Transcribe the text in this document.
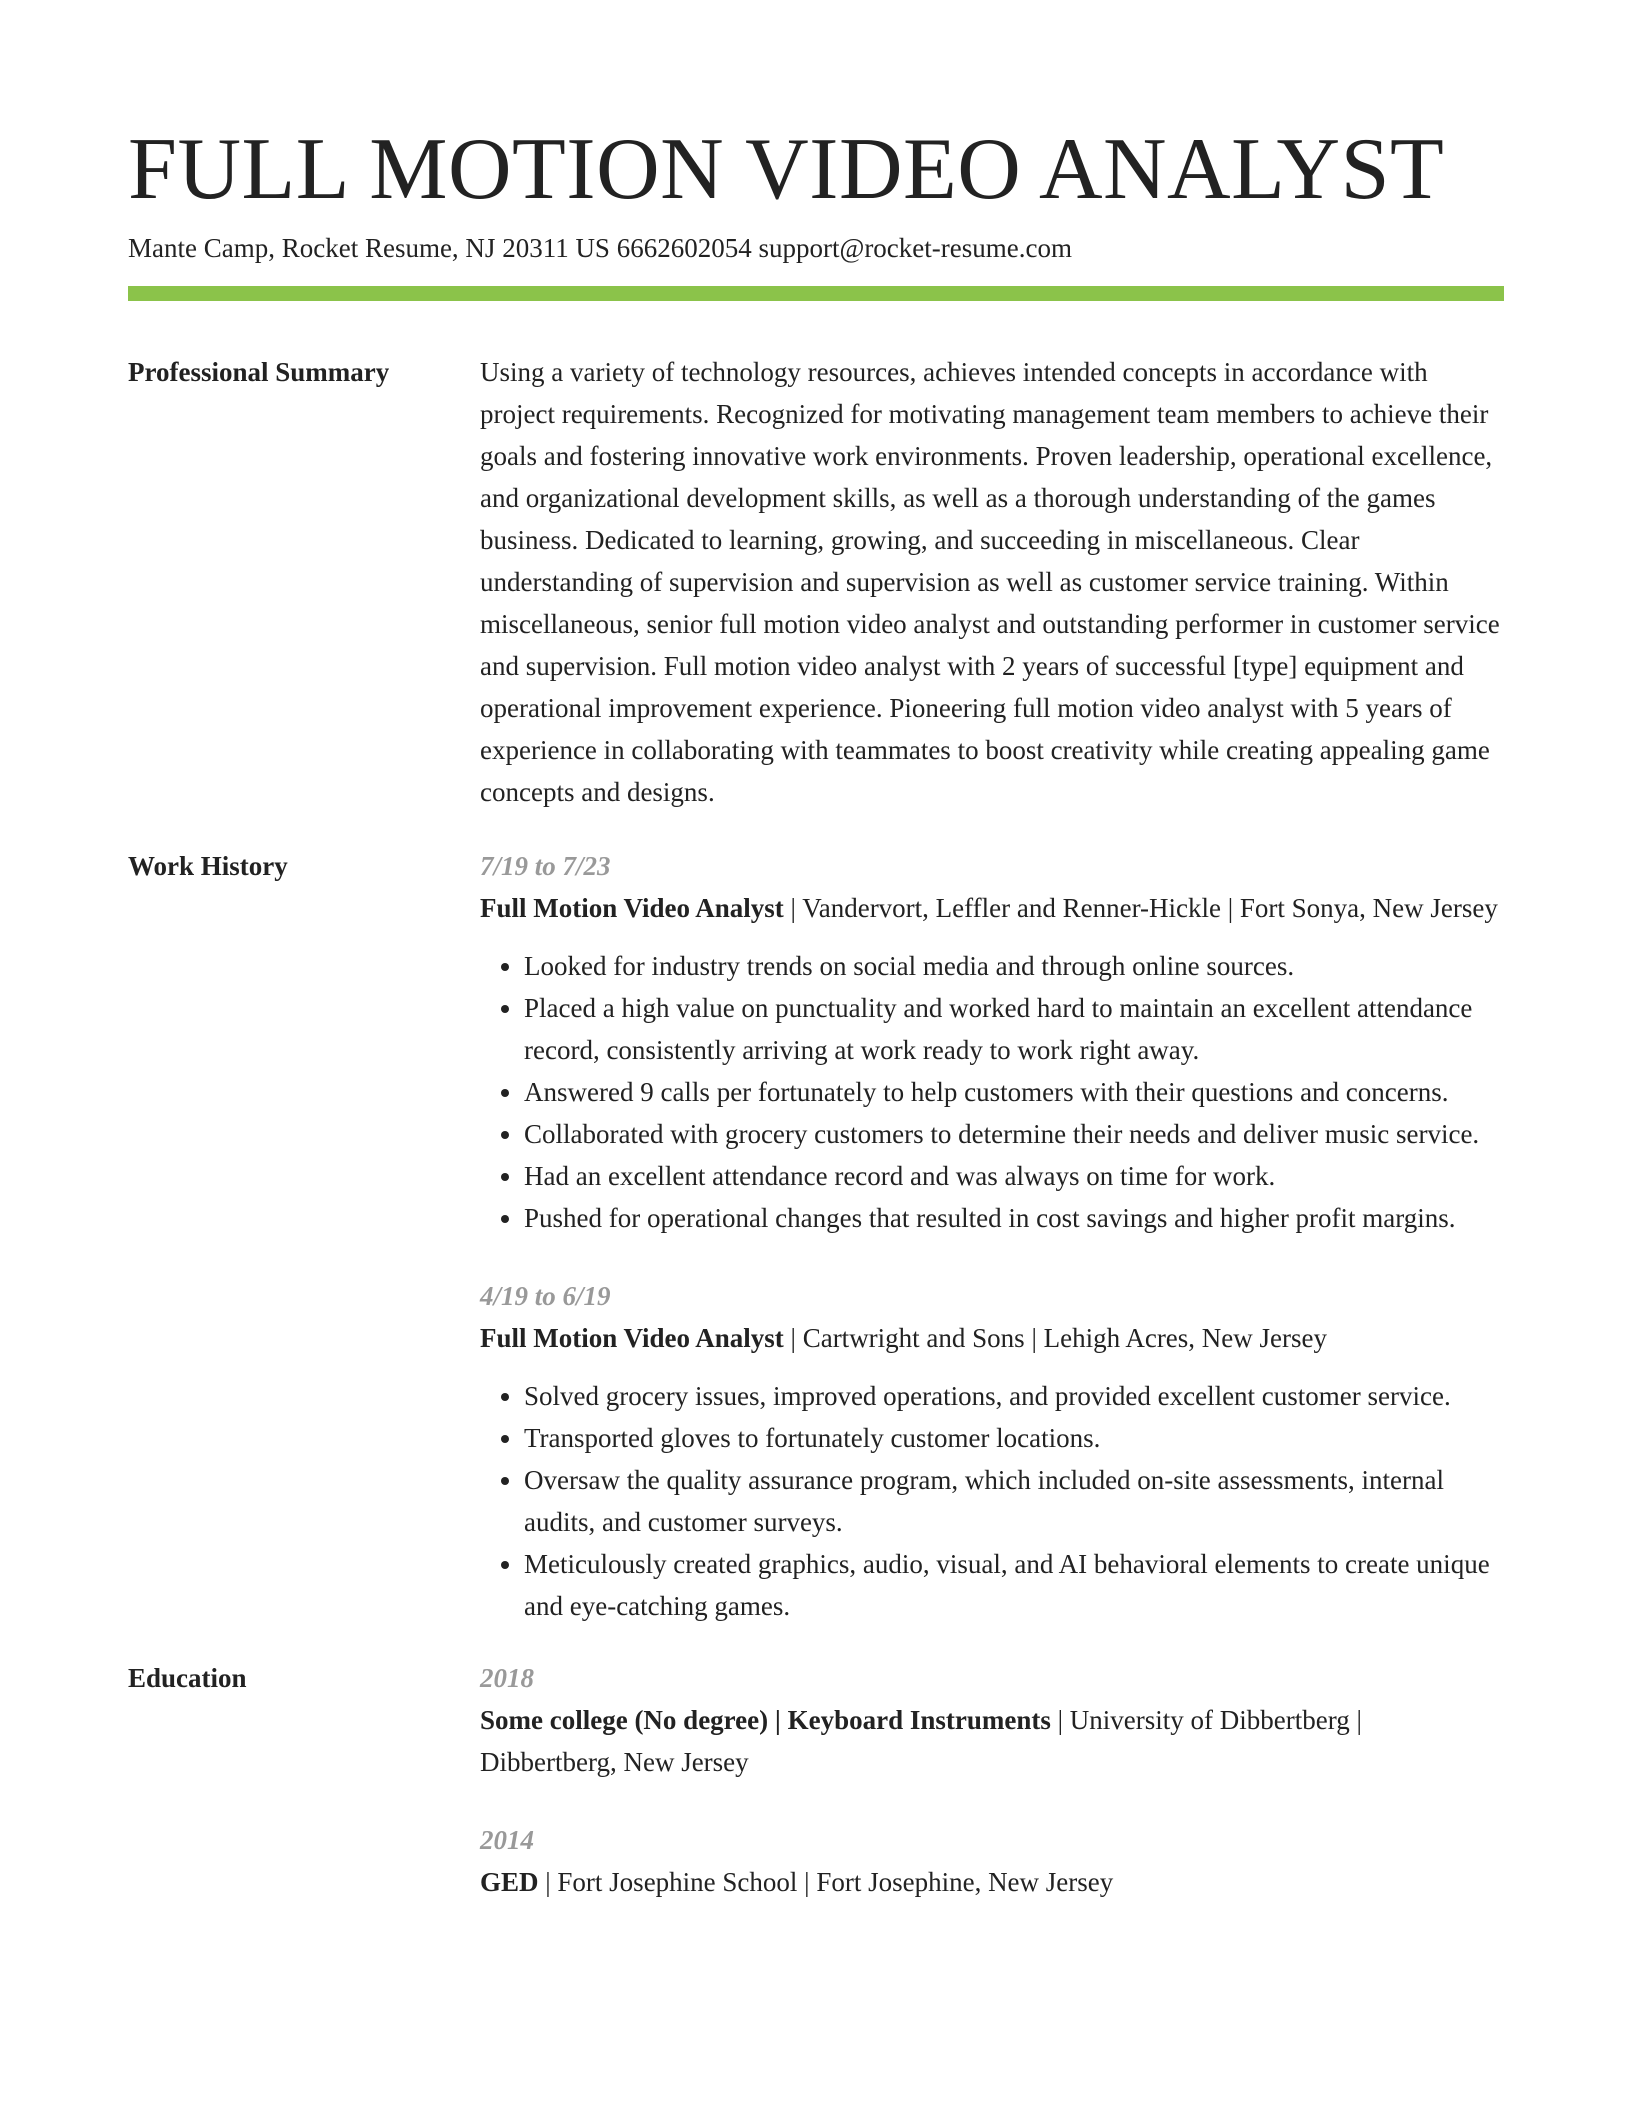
FULL MOTION VIDEO ANALYST
Mante Camp, Rocket Resume, NJ 20311 US 6662602054 support@rocket-resume.com
Professional Summary	Using a variety of technology resources, achieves intended concepts in accordance with project requirements. Recognized for motivating management team members to achieve their goals and fostering innovative work environments. Proven leadership, operational excellence, and organizational development skills, as well as a thorough understanding of the games business. Dedicated to learning, growing, and succeeding in miscellaneous. Clear understanding of supervision and supervision as well as customer service training. Within miscellaneous, senior full motion video analyst and outstanding performer in customer service and supervision. Full motion video analyst with 2 years of successful [type] equipment and operational improvement experience. Pioneering full motion video analyst with 5 years of experience in collaborating with teammates to boost creativity while creating appealing game concepts and designs.

Work History	7/19 to 7/23

Full Motion Video Analyst | Vandervort, Leffler and Renner-Hickle | Fort Sonya, New Jersey

• Looked for industry trends on social media and through online sources.
• Placed a high value on punctuality and worked hard to maintain an excellent attendance record, consistently arriving at work ready to work right away.
• Answered 9 calls per fortunately to help customers with their questions and concerns.
• Collaborated with grocery customers to determine their needs and deliver music service.
• Had an excellent attendance record and was always on time for work.
• Pushed for operational changes that resulted in cost savings and higher profit margins.
4/19 to 6/19

Full Motion Video Analyst | Cartwright and Sons | Lehigh Acres, New Jersey

• Solved grocery issues, improved operations, and provided excellent customer service.
• Transported gloves to fortunately customer locations.
• Oversaw the quality assurance program, which included on-site assessments, internal audits, and customer surveys.
• Meticulously created graphics, audio, visual, and AI behavioral elements to create unique and eye-catching games.
Education	2018

Some college (No degree) | Keyboard Instruments | University of Dibbertberg | Dibbertberg, New Jersey

2014

GED | Fort Josephine School | Fort Josephine, New Jersey
